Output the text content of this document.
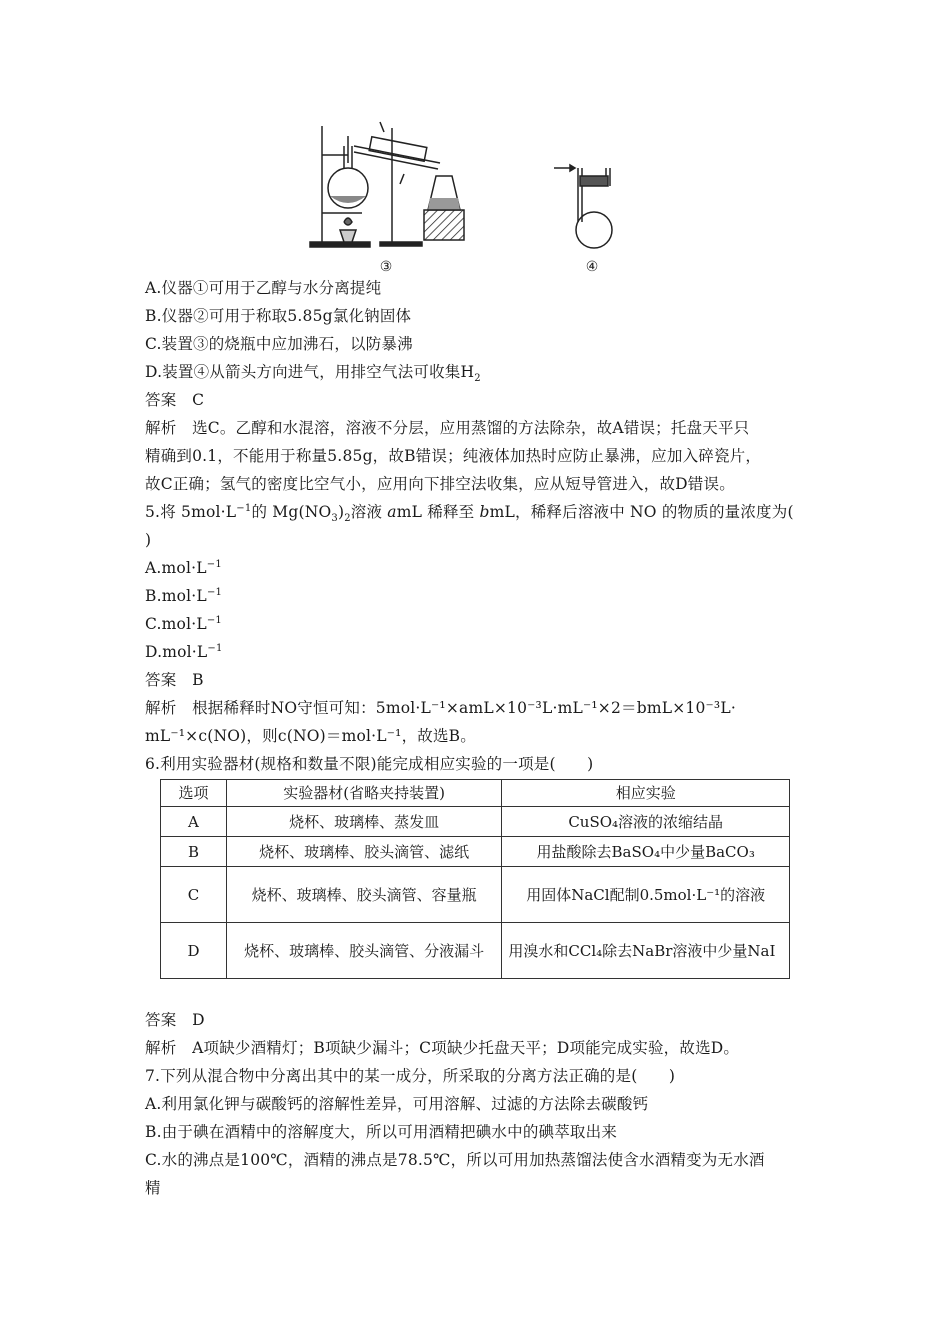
③	④
A.仪器①可用于乙醇与水分离提纯
B.仪器②可用于称取5.85g氯化钠固体
C.装置③的烧瓶中应加沸石，以防暴沸
D.装置④从箭头方向进气，用排空气法可收集$H_2$
答案　C
解析　选C。乙醇和水混溶，溶液不分层，应用蒸馏的方法除杂，故A错误；托盘天平只
精确到0.1，不能用于称量5.85g，故B错误；纯液体加热时应防止暴沸，应加入碎瓷片，
故C正确；氢气的密度比空气小，应用向下排空法收集，应从短导管进入，故D错误。
5.将 $5mol\cdot L^{-1}$的 $Mg(NO_3)_2$溶液 amL 稀释至 bmL，稀释后溶液中 NO 的物质的量浓度为(
)
$A.mol\cdot L^{-1}$
$B.mol\cdot L^{-1}$
$C.mol\cdot L^{-1}$
$D.mol\cdot L^{-1}$
答案　B
解析　根据稀释时NO守恒可知：5mol·L⁻¹×amL×10⁻³L·mL⁻¹×2＝bmL×10⁻³L·
mL⁻¹×c(NO)，则c(NO)＝mol·L⁻¹，故选B。
6.利用实验器材(规格和数量不限)能完成相应实验的一项是(　　)
选项	实验器材(省略夹持装置)	相应实验
A	烧杯、玻璃棒、蒸发皿	CuSO₄溶液的浓缩结晶
B	烧杯、玻璃棒、胶头滴管、滤纸	用盐酸除去BaSO₄中少量BaCO₃
C	烧杯、玻璃棒、胶头滴管、容量瓶	用固体NaCl配制0.5mol·L⁻¹的溶液
D	烧杯、玻璃棒、胶头滴管、分液漏斗	用溴水和CCl₄除去NaBr溶液中少量NaI
答案　D
解析　A项缺少酒精灯；B项缺少漏斗；C项缺少托盘天平；D项能完成实验，故选D。
7.下列从混合物中分离出其中的某一成分，所采取的分离方法正确的是(　　)
A.利用氯化钾与碳酸钙的溶解性差异，可用溶解、过滤的方法除去碳酸钙
B.由于碘在酒精中的溶解度大，所以可用酒精把碘水中的碘萃取出来
C.水的沸点是100℃，酒精的沸点是78.5℃，所以可用加热蒸馏法使含水酒精变为无水酒
精
